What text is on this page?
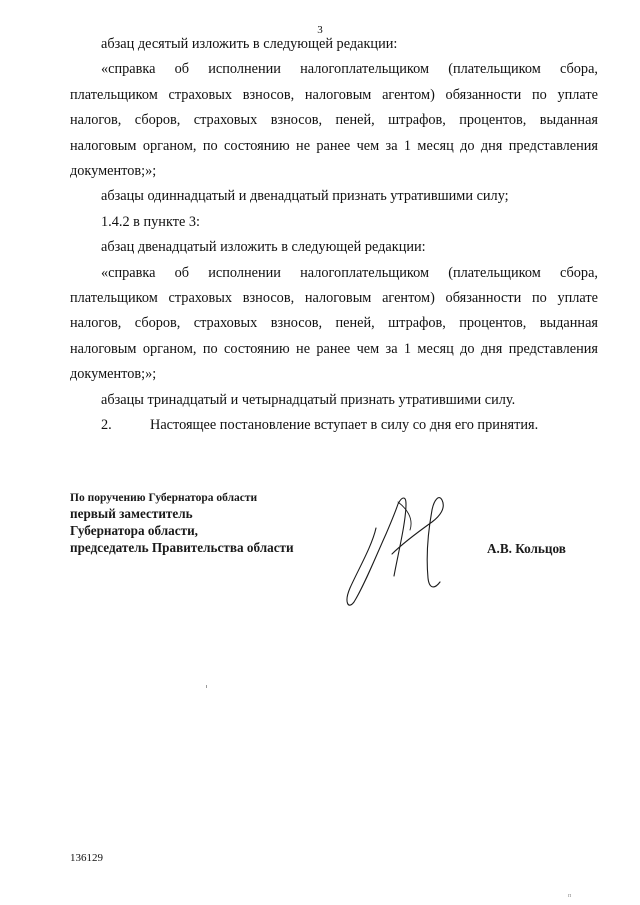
3

абзац десятый изложить в следующей редакции:

«справка об исполнении налогоплательщиком (плательщиком сбора, плательщиком страховых взносов, налоговым агентом) обязанности по уплате налогов, сборов, страховых взносов, пеней, штрафов, процентов, выданная налоговым органом, по состоянию не ранее чем за 1 месяц до дня представления документов;»;

абзацы одиннадцатый и двенадцатый признать утратившими силу;

1.4.2 в пункте 3:

абзац двенадцатый изложить в следующей редакции:

«справка об исполнении налогоплательщиком (плательщиком сбора, плательщиком страховых взносов, налоговым агентом) обязанности по уплате налогов, сборов, страховых взносов, пеней, штрафов, процентов, выданная налоговым органом, по состоянию не ранее чем за 1 месяц до дня представления документов;»;

абзацы тринадцатый и четырнадцатый признать утратившими силу.

2.	Настоящее постановление вступает в силу со дня его принятия.

По поручению Губернатора области
первый заместитель
Губернатора области,
председатель Правительства области	А.В. Кольцов
136129
п
